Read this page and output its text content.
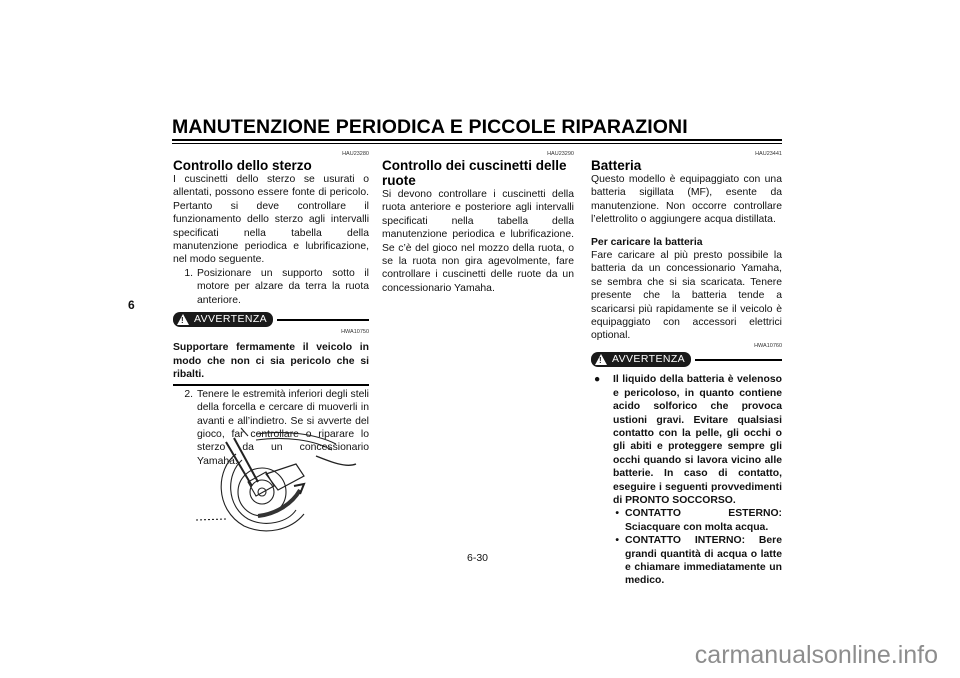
MANUTENZIONE PERIODICA E PICCOLE RIPARAZIONI
6
HAU23280
Controllo dello sterzo

I cuscinetti dello sterzo se usurati o allentati, possono essere fonte di pericolo. Pertanto si deve controllare il funzionamento dello sterzo agli intervalli specificati nella tabella della manutenzione periodica e lubrificazione, nel modo seguente.

1. Posizionare un supporto sotto il motore per alzare da terra la ruota anteriore.
! AVVERTENZA
HWA10750

Supportare fermamente il veicolo in modo che non ci sia pericolo che si ribalti.

2. Tenere le estremità inferiori degli steli della forcella e cercare di muoverli in avanti e all’indietro. Se si avverte del gioco, far controllare o riparare lo sterzo da un concessionario Yamaha.
HAU23290
Controllo dei cuscinetti delle ruote

Si devono controllare i cuscinetti della ruota anteriore e posteriore agli intervalli specificati nella tabella della manutenzione periodica e lubrificazione. Se c’è del gioco nel mozzo della ruota, o se la ruota non gira agevolmente, fare controllare i cuscinetti delle ruote da un concessionario Yamaha.

HAU23441
Batteria

Questo modello è equipaggiato con una batteria sigillata (MF), esente da manutenzione. Non occorre controllare l’elettrolito o aggiungere acqua distillata.

Per caricare la batteria

Fare caricare al più presto possibile la batteria da un concessionario Yamaha, se sembra che si sia scaricata. Tenere presente che la batteria tende a scaricarsi più rapidamente se il veicolo è equipaggiato con accessori elettrici optional.

HWA10760
! AVVERTENZA
●	Il liquido della batteria è velenoso e pericoloso, in quanto contiene acido solforico che provoca ustioni gravi. Evitare qualsiasi contatto con la pelle, gli occhi o gli abiti e proteggere sempre gli occhi quando si lavora vicino alle batterie. In caso di contatto, eseguire i seguenti provvedimenti di PRONTO SOCCORSO.
• CONTATTO ESTERNO: Sciacquare con molta acqua.
• CONTATTO INTERNO: Bere grandi quantità di acqua o latte e chiamare immediatamente un medico.
6-30
carmanualsonline.info
